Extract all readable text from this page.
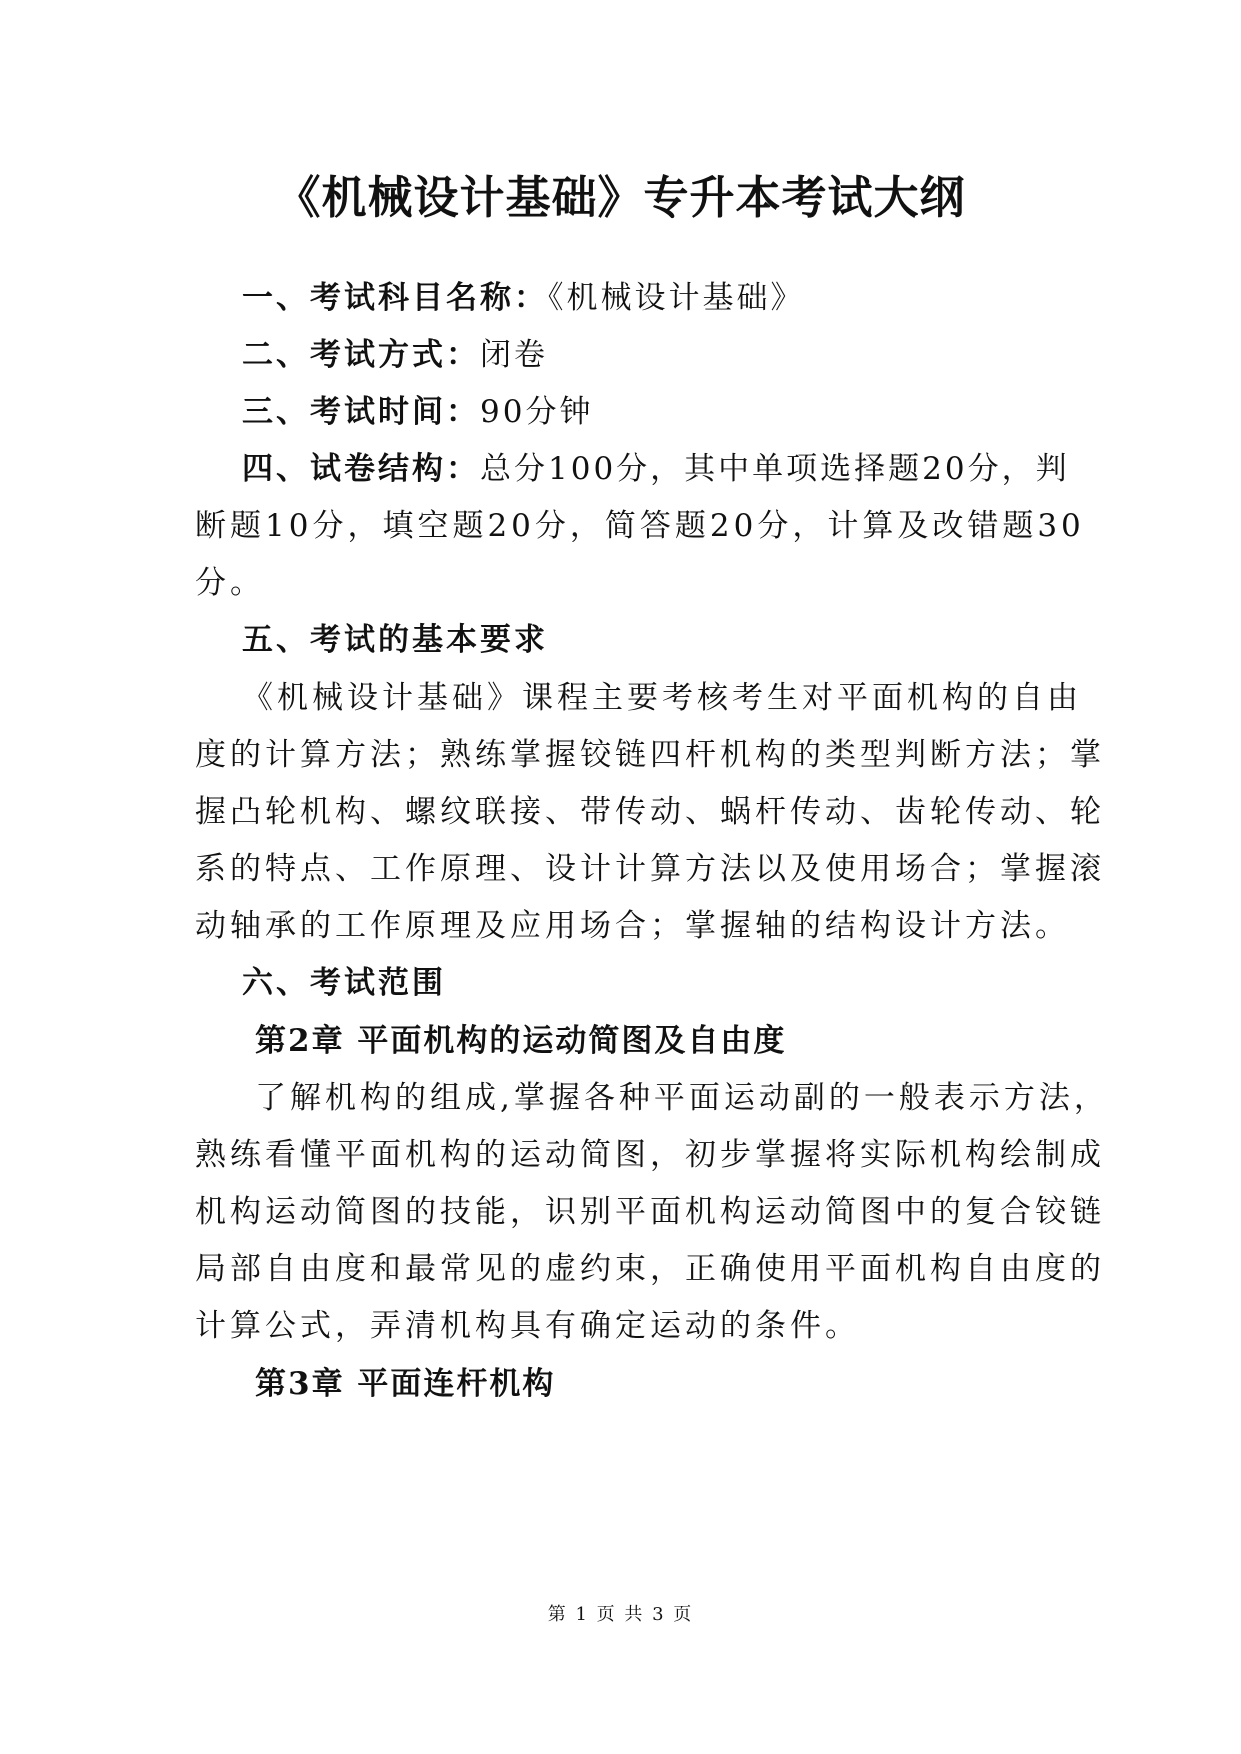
《机械设计基础》专升本考试大纲

一、考试科目名称：《机械设计基础》

二、考试方式：闭卷

三、考试时间：90分钟

四、试卷结构：总分100分，其中单项选择题20分，判

断题10分，填空题20分，简答题20分，计算及改错题30

分。

五、考试的基本要求

《机械设计基础》课程主要考核考生对平面机构的自由

度的计算方法；熟练掌握铰链四杆机构的类型判断方法；掌

握凸轮机构、螺纹联接、带传动、蜗杆传动、齿轮传动、轮

系的特点、工作原理、设计计算方法以及使用场合；掌握滚

动轴承的工作原理及应用场合；掌握轴的结构设计方法。

六、考试范围

第2章 平面机构的运动简图及自由度

了解机构的组成,掌握各种平面运动副的一般表示方法，

熟练看懂平面机构的运动简图，初步掌握将实际机构绘制成

机构运动简图的技能，识别平面机构运动简图中的复合铰链

局部自由度和最常见的虚约束，正确使用平面机构自由度的

计算公式，弄清机构具有确定运动的条件。

第3章 平面连杆机构

第 1 页 共 3 页
